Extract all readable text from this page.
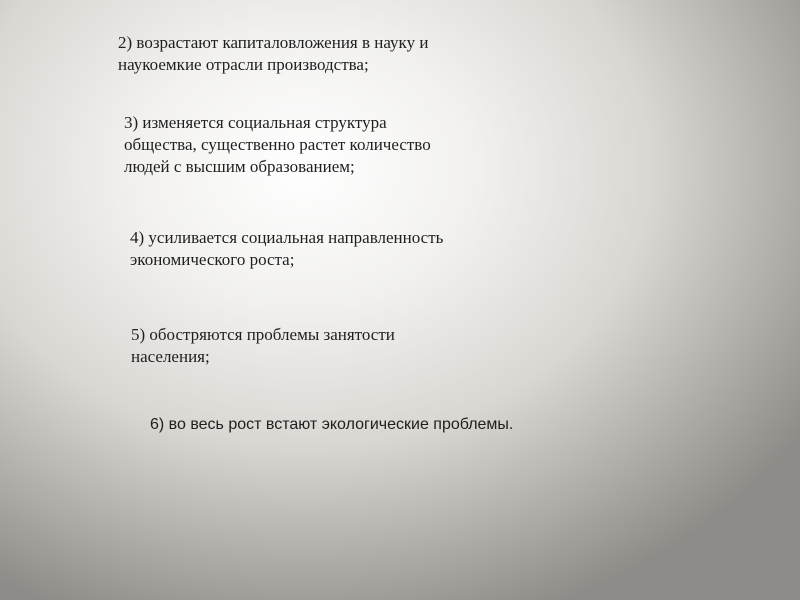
2) возрастают капиталовложения в науку и
наукоемкие отрасли производства;

3) изменяется социальная структура
общества, существенно растет количество
людей с высшим образованием;

4) усиливается социальная направленность
экономического роста;

5) обостряются проблемы занятости
населения;

6) во весь рост встают экологические проблемы.
